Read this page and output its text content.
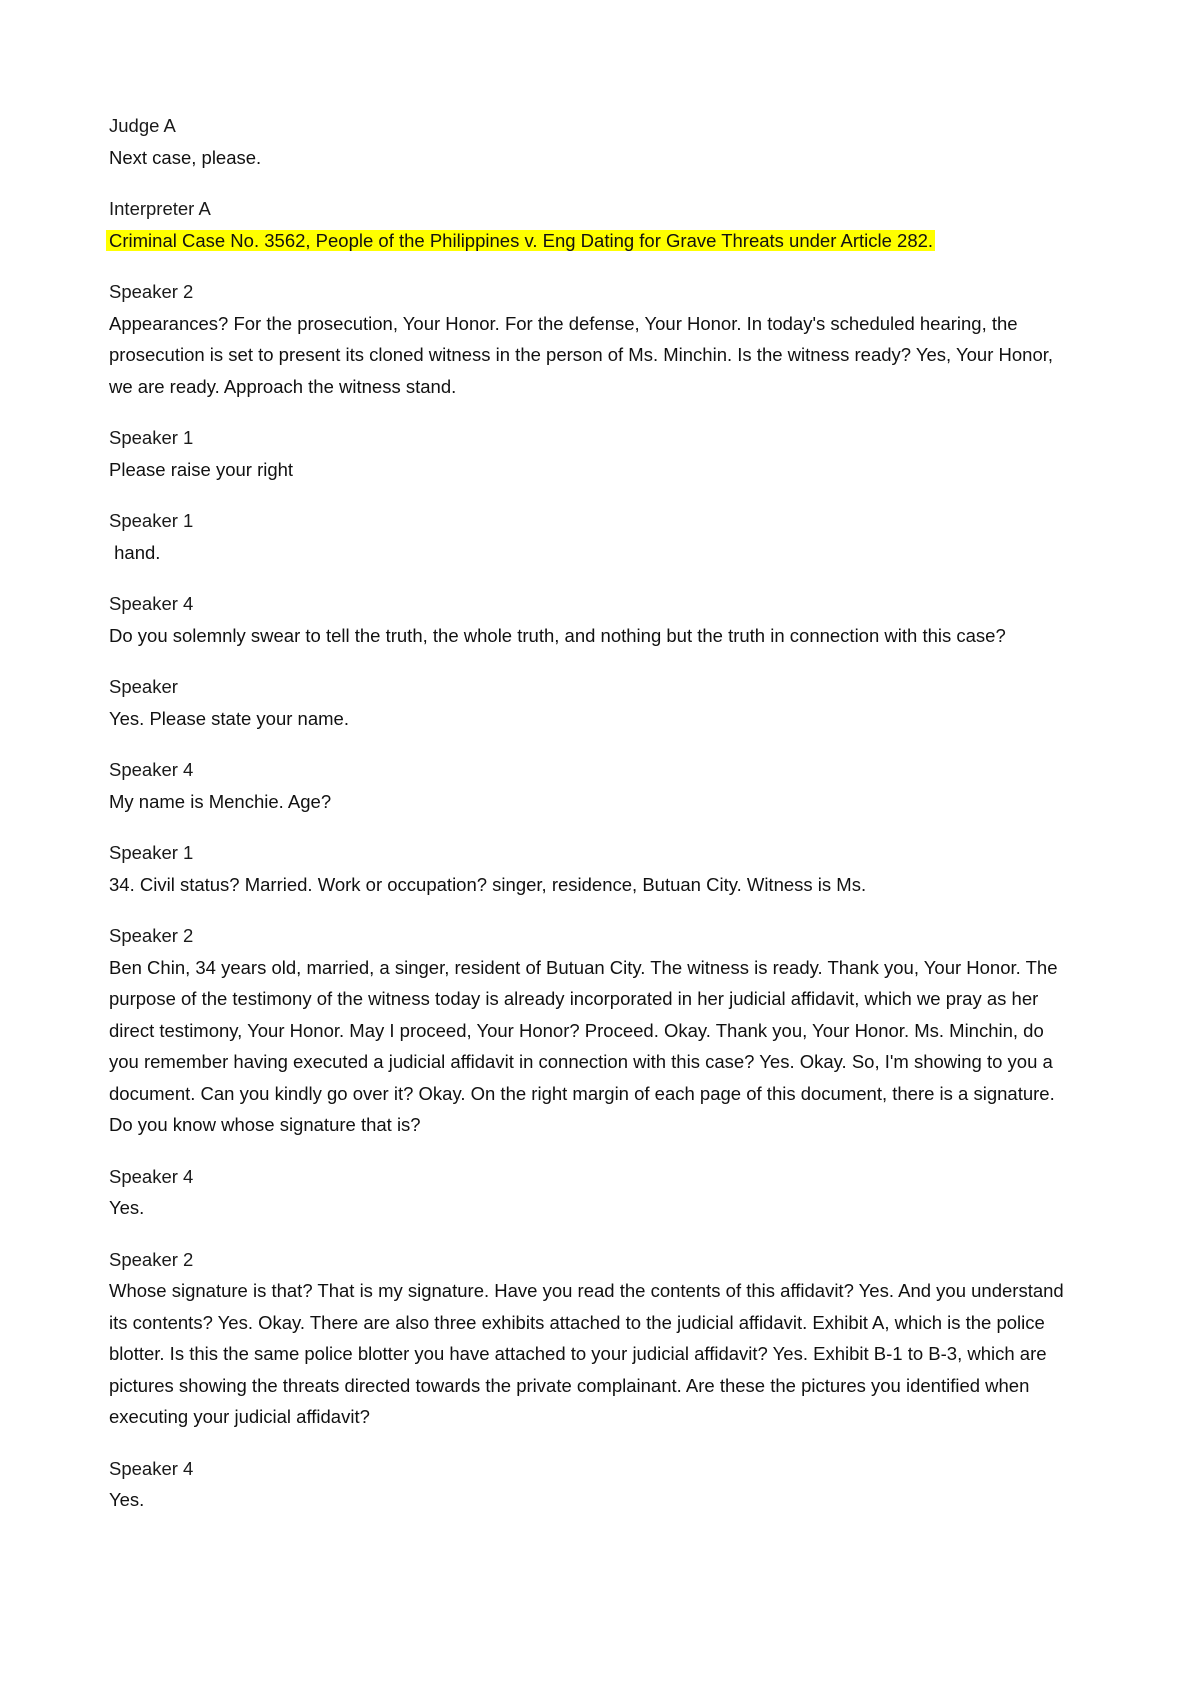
Judge A

Next case, please.

Interpreter A

Criminal Case No. 3562, People of the Philippines v. Eng Dating for Grave Threats under Article 282.

Speaker 2

Appearances? For the prosecution, Your Honor. For the defense, Your Honor. In today's scheduled hearing, the prosecution is set to present its cloned witness in the person of Ms. Minchin. Is the witness ready? Yes, Your Honor, we are ready. Approach the witness stand.

Speaker 1

Please raise your right

Speaker 1

hand.

Speaker 4

Do you solemnly swear to tell the truth, the whole truth, and nothing but the truth in connection with this case?

Speaker

Yes. Please state your name.

Speaker 4

My name is Menchie. Age?

Speaker 1

34. Civil status? Married. Work or occupation? singer, residence, Butuan City. Witness is Ms.

Speaker 2

Ben Chin, 34 years old, married, a singer, resident of Butuan City. The witness is ready. Thank you, Your Honor. The purpose of the testimony of the witness today is already incorporated in her judicial affidavit, which we pray as her direct testimony, Your Honor. May I proceed, Your Honor? Proceed. Okay. Thank you, Your Honor. Ms. Minchin, do you remember having executed a judicial affidavit in connection with this case? Yes. Okay. So, I'm showing to you a document. Can you kindly go over it? Okay. On the right margin of each page of this document, there is a signature. Do you know whose signature that is?

Speaker 4

Yes.

Speaker 2

Whose signature is that? That is my signature. Have you read the contents of this affidavit? Yes. And you understand its contents? Yes. Okay. There are also three exhibits attached to the judicial affidavit. Exhibit A, which is the police blotter. Is this the same police blotter you have attached to your judicial affidavit? Yes. Exhibit B-1 to B-3, which are pictures showing the threats directed towards the private complainant. Are these the pictures you identified when executing your judicial affidavit?

Speaker 4

Yes.
